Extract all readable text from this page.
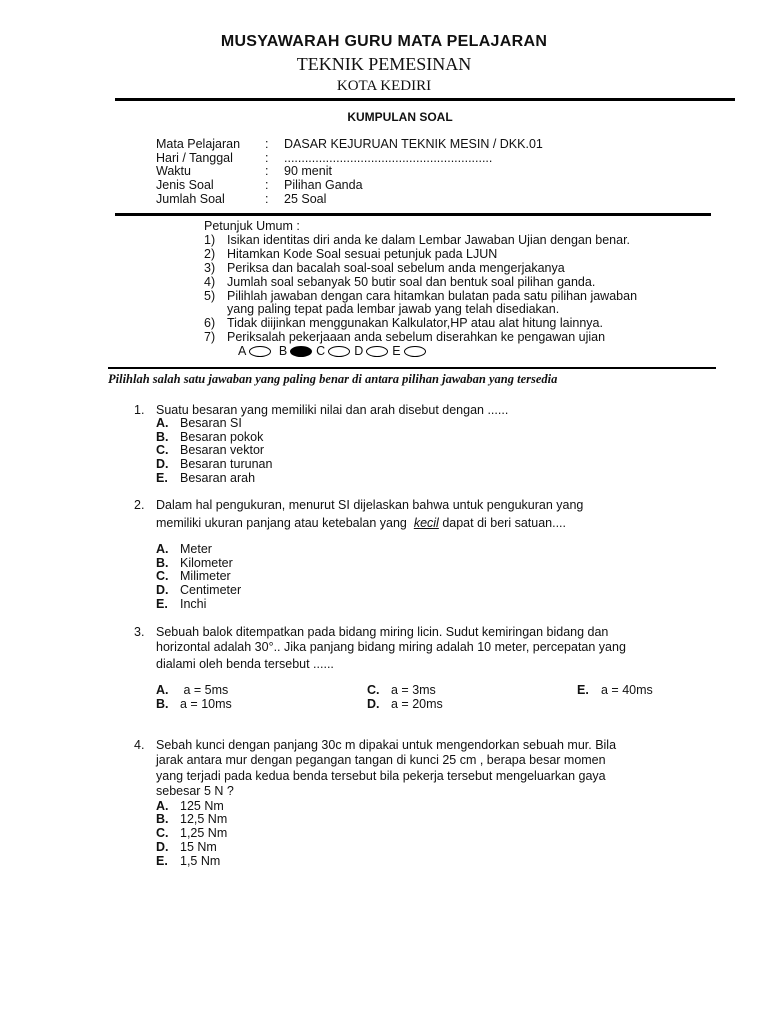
MUSYAWARAH GURU MATA PELAJARAN
TEKNIK PEMESINAN
KOTA KEDIRI
KUMPULAN SOAL
Mata Pelajaran : DASAR KEJURUAN TEKNIK MESIN / DKK.01
Hari / Tanggal	: ............................................................
Waktu	: 90 menit
Jenis Soal	: Pilihan Ganda
Jumlah Soal	: 25 Soal
Petunjuk Umum :
1) Isikan identitas diri anda ke dalam Lembar Jawaban Ujian dengan benar.
2) Hitamkan Kode Soal sesuai petunjuk pada LJUN
3) Periksa dan bacalah soal-soal sebelum anda mengerjakanya
4) Jumlah soal sebanyak 50 butir soal dan bentuk soal pilihan ganda.
5) Pilihlah jawaban dengan cara hitamkan bulatan pada satu pilihan jawaban
yang paling tepat pada lembar jawab yang telah disediakan.
6) Tidak diijinkan menggunakan Kalkulator,HP atau alat hitung lainnya.
7) Periksalah pekerjaaan anda sebelum diserahkan ke pengawan ujian
A	B C D E
Pilihlah salah satu jawaban yang paling benar di antara pilihan jawaban yang tersedia
1. Suatu besaran yang memiliki nilai dan arah disebut dengan ......
A. Besaran SI
B. Besaran pokok
C. Besaran vektor
D. Besaran turunan
E. Besaran arah
2. Dalam hal pengukuran, menurut SI dijelaskan bahwa untuk pengukuran yang
memiliki ukuran panjang atau ketebalan yang kecil dapat di beri satuan....
A. Meter
B. Kilometer
C. Milimeter
D. Centimeter
E. Inchi
3. Sebuah balok ditempatkan pada bidang miring licin. Sudut kemiringan bidang dan
horizontal adalah 30°.. Jika panjang bidang miring adalah 10 meter, percepatan yang
dialami oleh benda tersebut ......
A. a = 5ms
B. a = 10ms
C. a = 3ms
D. a = 20ms
E. a = 40ms
4. Sebah kunci dengan panjang 30c m dipakai untuk mengendorkan sebuah mur. Bila
jarak antara mur dengan pegangan tangan di kunci 25 cm , berapa besar momen
yang terjadi pada kedua benda tersebut bila pekerja tersebut mengeluarkan gaya
sebesar 5 N ?
A. 125 Nm
B. 12,5 Nm
C. 1,25 Nm
D. 15 Nm
E. 1,5 Nm
